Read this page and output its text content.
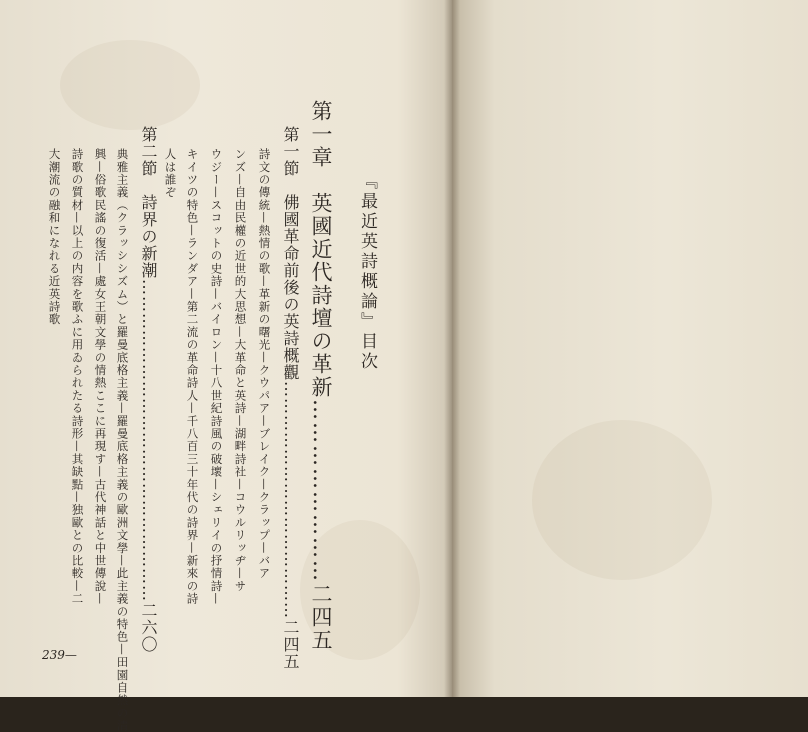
『最近英詩概論』目次
第一章　英國近代詩壇の革新……………………二四五
第一節　佛國革命前後の英詩概觀……………………………………二四五
詩文の傳統—熱情の歌—革新の曙光—クウパア—ブレイク—クラップ—バア
ンズ—自由民權の近世的大思想—大革命と英詩—湖畔詩社—コウルリッヂ—サ
ウジー—スコットの史詩—バイロン—十八世紀詩風の破壞—シェリイの抒情詩—
キイツの特色—ランダア—第二流の革命詩人—千八百三十年代の詩界—新來の詩
人は誰ぞ
第二節　詩界の新潮…………………………………………………二六〇
典雅主義（クラッシシズム）と羅曼底格主義—羅曼底格主義の歐洲文學—此主義の特色—田園自然の清
興—俗歌民謠の復活—處女王朝文學の情熱ここに再現す—古代神話と中世傳說—
詩歌の質材—以上の内容を歌ふに用ゐられたる詩形—其缺點—独歐との比較—二
大潮流の融和になれる近英詩歌
239—
